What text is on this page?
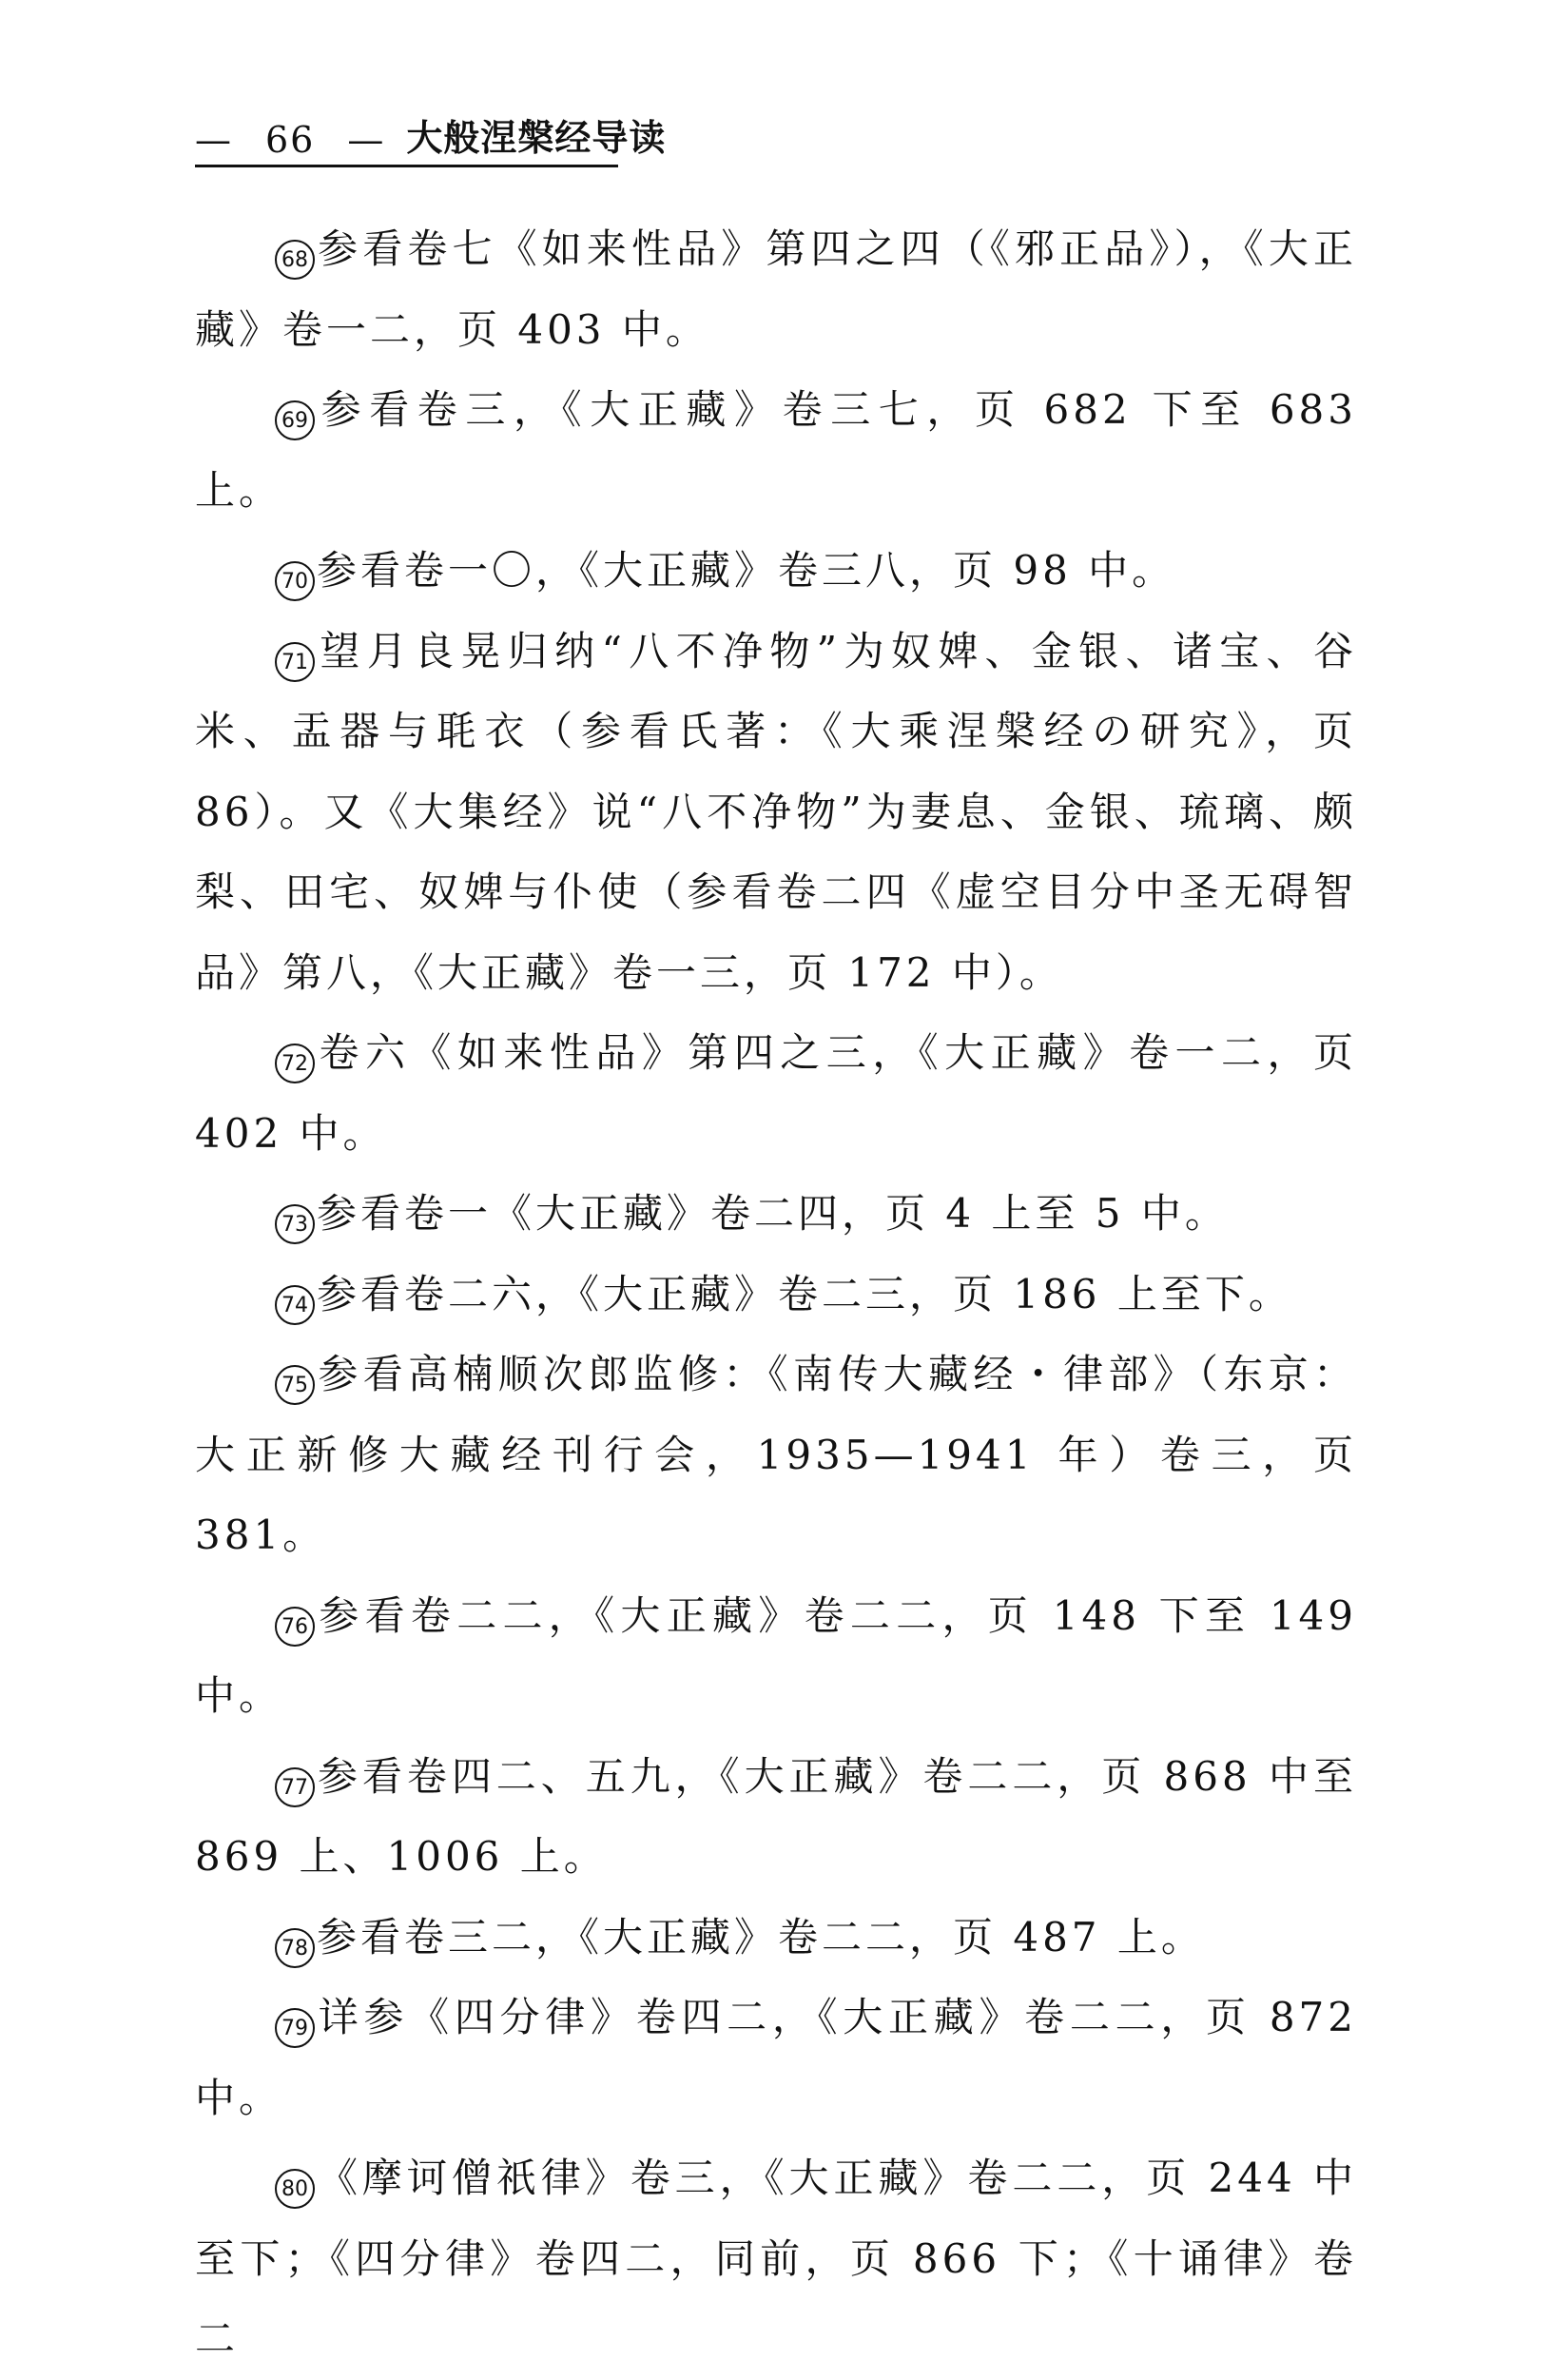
— 66 — 大般涅槃经导读

68 参看卷七《如来性品》第四之四（《邪正品》），《大正藏》卷一二，页 403 中。

69 参看卷三，《大正藏》卷三七，页 682 下至 683 上。

70 参看卷一〇，《大正藏》卷三八，页 98 中。

71 望月良晃归纳“八不净物”为奴婢、金银、诸宝、谷米、盂器与毦衣（参看氏著：《大乘涅槃经の研究》，页 86）。又《大集经》说“八不净物”为妻息、金银、琉璃、颇梨、田宅、奴婢与仆使（参看卷二四《虚空目分中圣无碍智品》第八，《大正藏》卷一三，页 172 中）。

72 卷六《如来性品》第四之三，《大正藏》卷一二，页 402 中。

73 参看卷一《大正藏》卷二四，页 4 上至 5 中。

74 参看卷二六，《大正藏》卷二三，页 186 上至下。

75 参看高楠顺次郎监修：《南传大藏经・律部》（东京：大正新修大藏经刊行会，1935—1941 年）卷三，页 381。

76 参看卷二二，《大正藏》卷二二，页 148 下至 149 中。

77 参看卷四二、五九，《大正藏》卷二二，页 868 中至 869 上、1006 上。

78 参看卷三二，《大正藏》卷二二，页 487 上。

79 详参《四分律》卷四二，《大正藏》卷二二，页 872 中。

80 《摩诃僧祇律》卷三，《大正藏》卷二二，页 244 中至下；《四分律》卷四二，同前，页 866 下；《十诵律》卷二
